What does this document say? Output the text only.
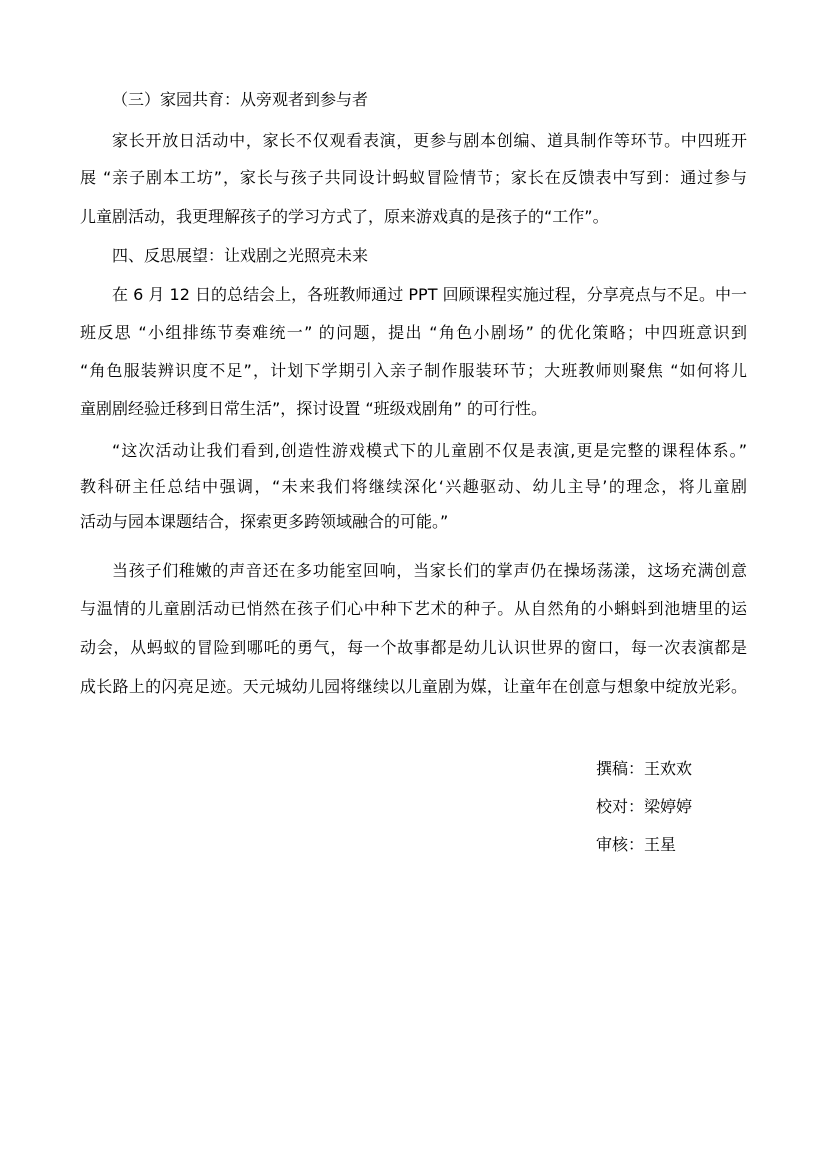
（三）家园共育：从旁观者到参与者
家长开放日活动中，家长不仅观看表演，更参与剧本创编、道具制作等环节。中四班开
展 “亲子剧本工坊”，家长与孩子共同设计蚂蚁冒险情节；家长在反馈表中写到：通过参与
儿童剧活动，我更理解孩子的学习方式了，原来游戏真的是孩子的“工作”。
四、反思展望：让戏剧之光照亮未来
在 6 月 12 日的总结会上，各班教师通过 PPT 回顾课程实施过程，分享亮点与不足。中一
班反思 “小组排练节奏难统一” 的问题，提出 “角色小剧场” 的优化策略；中四班意识到
“角色服装辨识度不足”，计划下学期引入亲子制作服装环节；大班教师则聚焦 “如何将儿
童剧剧经验迁移到日常生活”，探讨设置 “班级戏剧角” 的可行性。
“这次活动让我们看到,创造性游戏模式下的儿童剧不仅是表演,更是完整的课程体系。”
教科研主任总结中强调，“未来我们将继续深化‘兴趣驱动、幼儿主导’的理念，将儿童剧
活动与园本课题结合，探索更多跨领域融合的可能。”
当孩子们稚嫩的声音还在多功能室回响，当家长们的掌声仍在操场荡漾，这场充满创意
与温情的儿童剧活动已悄然在孩子们心中种下艺术的种子。从自然角的小蝌蚪到池塘里的运
动会，从蚂蚁的冒险到哪吒的勇气，每一个故事都是幼儿认识世界的窗口，每一次表演都是
成长路上的闪亮足迹。天元城幼儿园将继续以儿童剧为媒，让童年在创意与想象中绽放光彩。
撰稿：王欢欢
校对：梁婷婷
审核：王星
